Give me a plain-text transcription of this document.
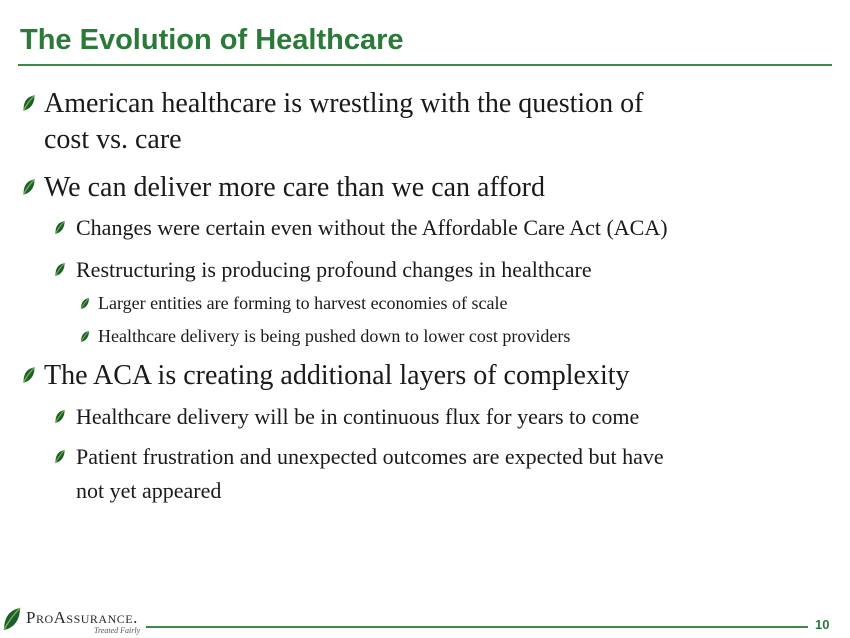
The Evolution of Healthcare
American healthcare is wrestling with the question of
cost vs. care
We can deliver more care than we can afford
Changes were certain even without the Affordable Care Act (ACA)
Restructuring is producing profound changes in healthcare
Larger entities are forming to harvest economies of scale
Healthcare delivery is being pushed down to lower cost providers
The ACA is creating additional layers of complexity
Healthcare delivery will be in continuous flux for years to come
Patient frustration and unexpected outcomes are expected but have
not yet appeared
ProAssurance.
Treated Fairly	10
